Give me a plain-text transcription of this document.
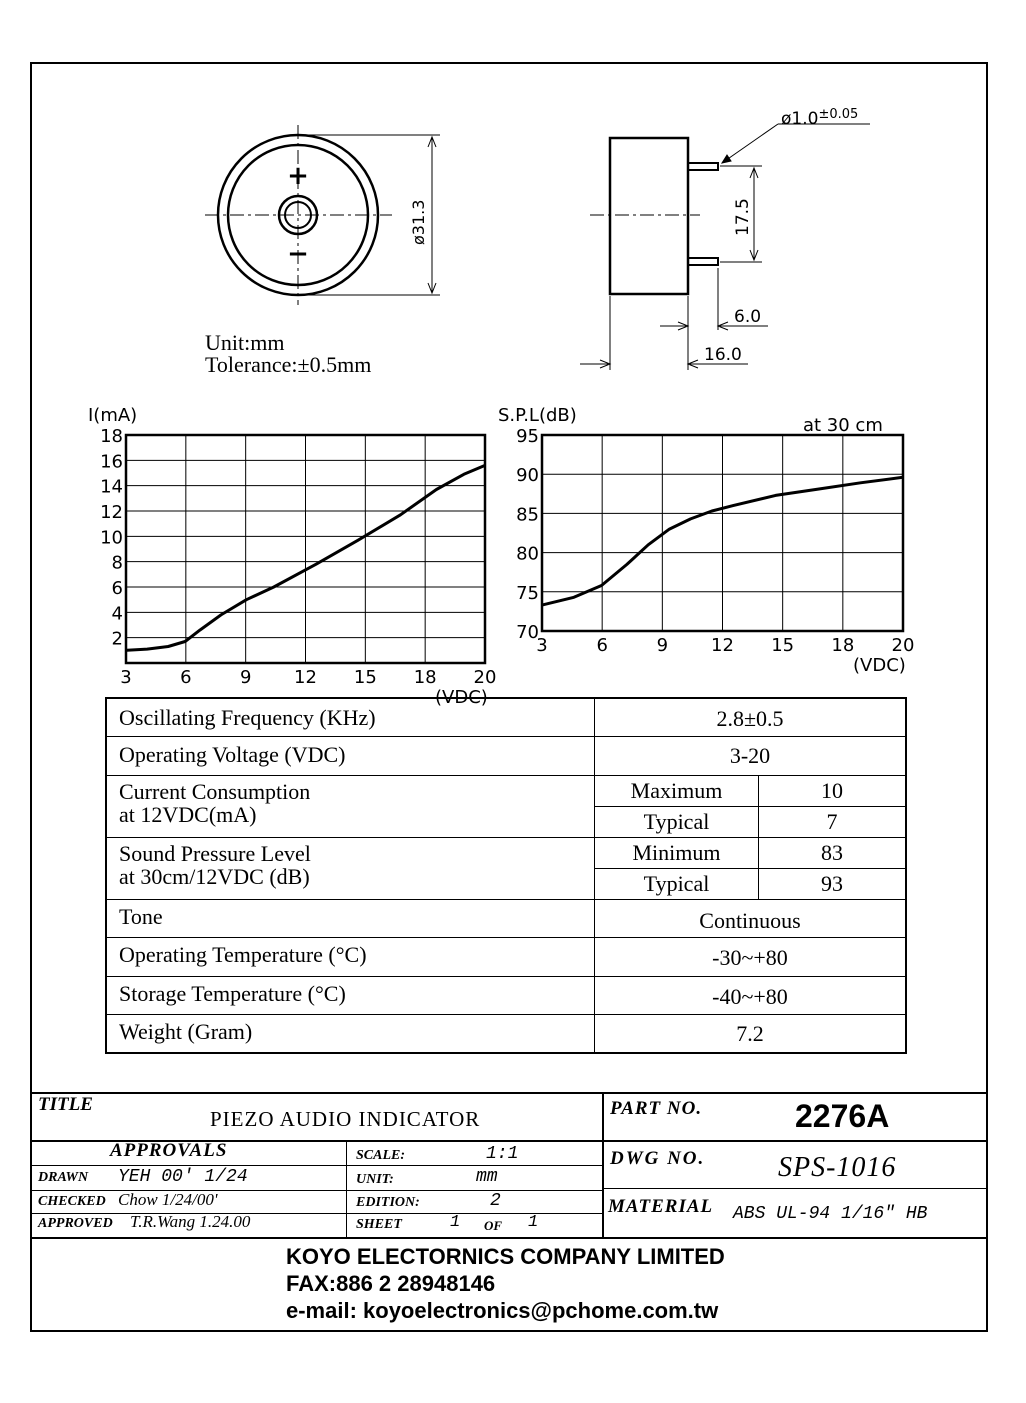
+
−
ø31.3
$ø1.0^{\pm 0.05}$
17.5
6.0
16.0
Unit:mm
Tolerance:±0.5mm
3	6	9 12 15 18 20
2
4
6
8
10
12
14
16
18
I(mA)
(VDC)
3	6	9 12 15 18 20
70
75
80
85
90
95
S.P.L(dB)
(VDC)
at 30 cm
Oscillating Frequency (KHz)	2.8±0.5
Operating Voltage (VDC)	3-20
Current Consumption
at 12VDC(mA)
Maximum	10
Typical	7
Sound Pressure Level
at 30cm/12VDC (dB)
Minimum	83
Typical	93
Tone	Continuous
Operating Temperature (°C)	-30~+80
Storage Temperature (°C)	-40~+80
Weight (Gram)	7.2
TITLE
PIEZO AUDIO INDICATOR	PART NO.	2276A
APPROVALS
DRAWN YEH 00' 1/24
CHECKED Chow 1/24/00'
APPROVED T.R.Wang 1.24.00
SCALE:	1:1
UNIT:	mm
EDITION:	2
SHEET	1 OF 1
DWG NO.	SPS-1016
MATERIAL ABS UL-94 1/16" HB
KOYO ELECTORNICS COMPANY LIMITED
FAX:886 2 28948146
e-mail: koyoelectronics@pchome.com.tw
